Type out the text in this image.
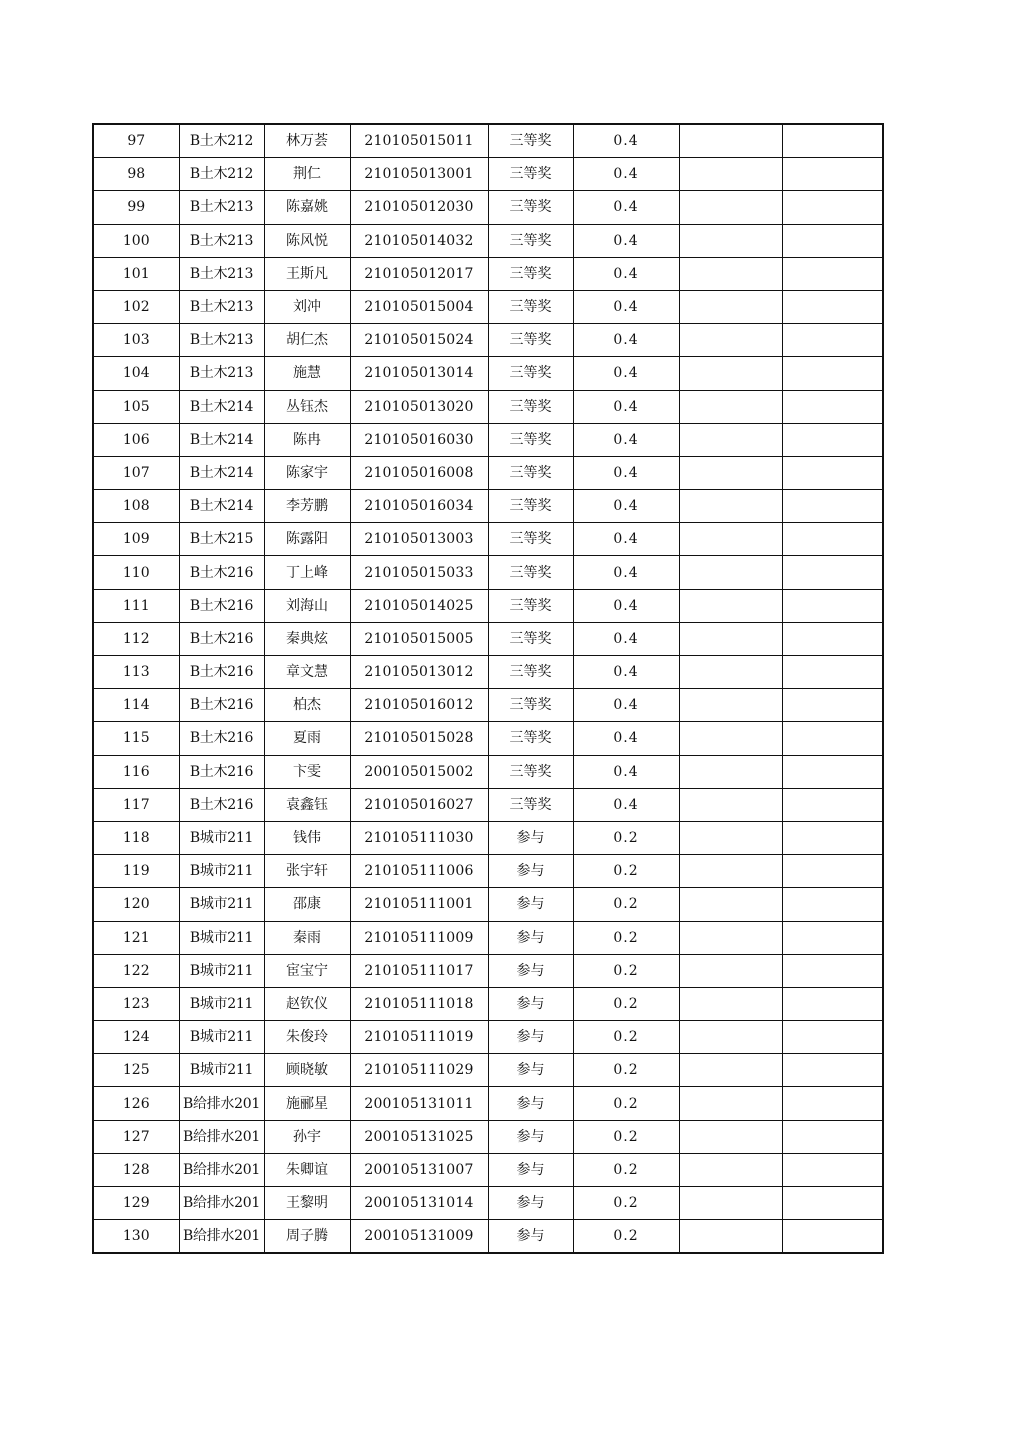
97	B土木212	林万荟	210105015011	三等奖	0.4		
98	B土木212	荆仁	210105013001	三等奖	0.4		
99	B土木213	陈嘉姚	210105012030	三等奖	0.4		
100	B土木213	陈风悦	210105014032	三等奖	0.4		
101	B土木213	王斯凡	210105012017	三等奖	0.4		
102	B土木213	刘冲	210105015004	三等奖	0.4		
103	B土木213	胡仁杰	210105015024	三等奖	0.4		
104	B土木213	施慧	210105013014	三等奖	0.4		
105	B土木214	丛钰杰	210105013020	三等奖	0.4		
106	B土木214	陈冉	210105016030	三等奖	0.4		
107	B土木214	陈家宇	210105016008	三等奖	0.4		
108	B土木214	李芳鹏	210105016034	三等奖	0.4		
109	B土木215	陈露阳	210105013003	三等奖	0.4		
110	B土木216	丁上峰	210105015033	三等奖	0.4		
111	B土木216	刘海山	210105014025	三等奖	0.4		
112	B土木216	秦典炫	210105015005	三等奖	0.4		
113	B土木216	章文慧	210105013012	三等奖	0.4		
114	B土木216	柏杰	210105016012	三等奖	0.4		
115	B土木216	夏雨	210105015028	三等奖	0.4		
116	B土木216	卞雯	200105015002	三等奖	0.4		
117	B土木216	袁鑫钰	210105016027	三等奖	0.4		
118	B城市211	钱伟	210105111030	参与	0.2		
119	B城市211	张宇轩	210105111006	参与	0.2		
120	B城市211	邵康	210105111001	参与	0.2		
121	B城市211	秦雨	210105111009	参与	0.2		
122	B城市211	宦宝宁	210105111017	参与	0.2		
123	B城市211	赵钦仪	210105111018	参与	0.2		
124	B城市211	朱俊玲	210105111019	参与	0.2		
125	B城市211	顾晓敏	210105111029	参与	0.2		
126	B给排水201	施郦星	200105131011	参与	0.2		
127	B给排水201	孙宇	200105131025	参与	0.2		
128	B给排水201	朱卿谊	200105131007	参与	0.2		
129	B给排水201	王黎明	200105131014	参与	0.2		
130	B给排水201	周子腾	200105131009	参与	0.2		
